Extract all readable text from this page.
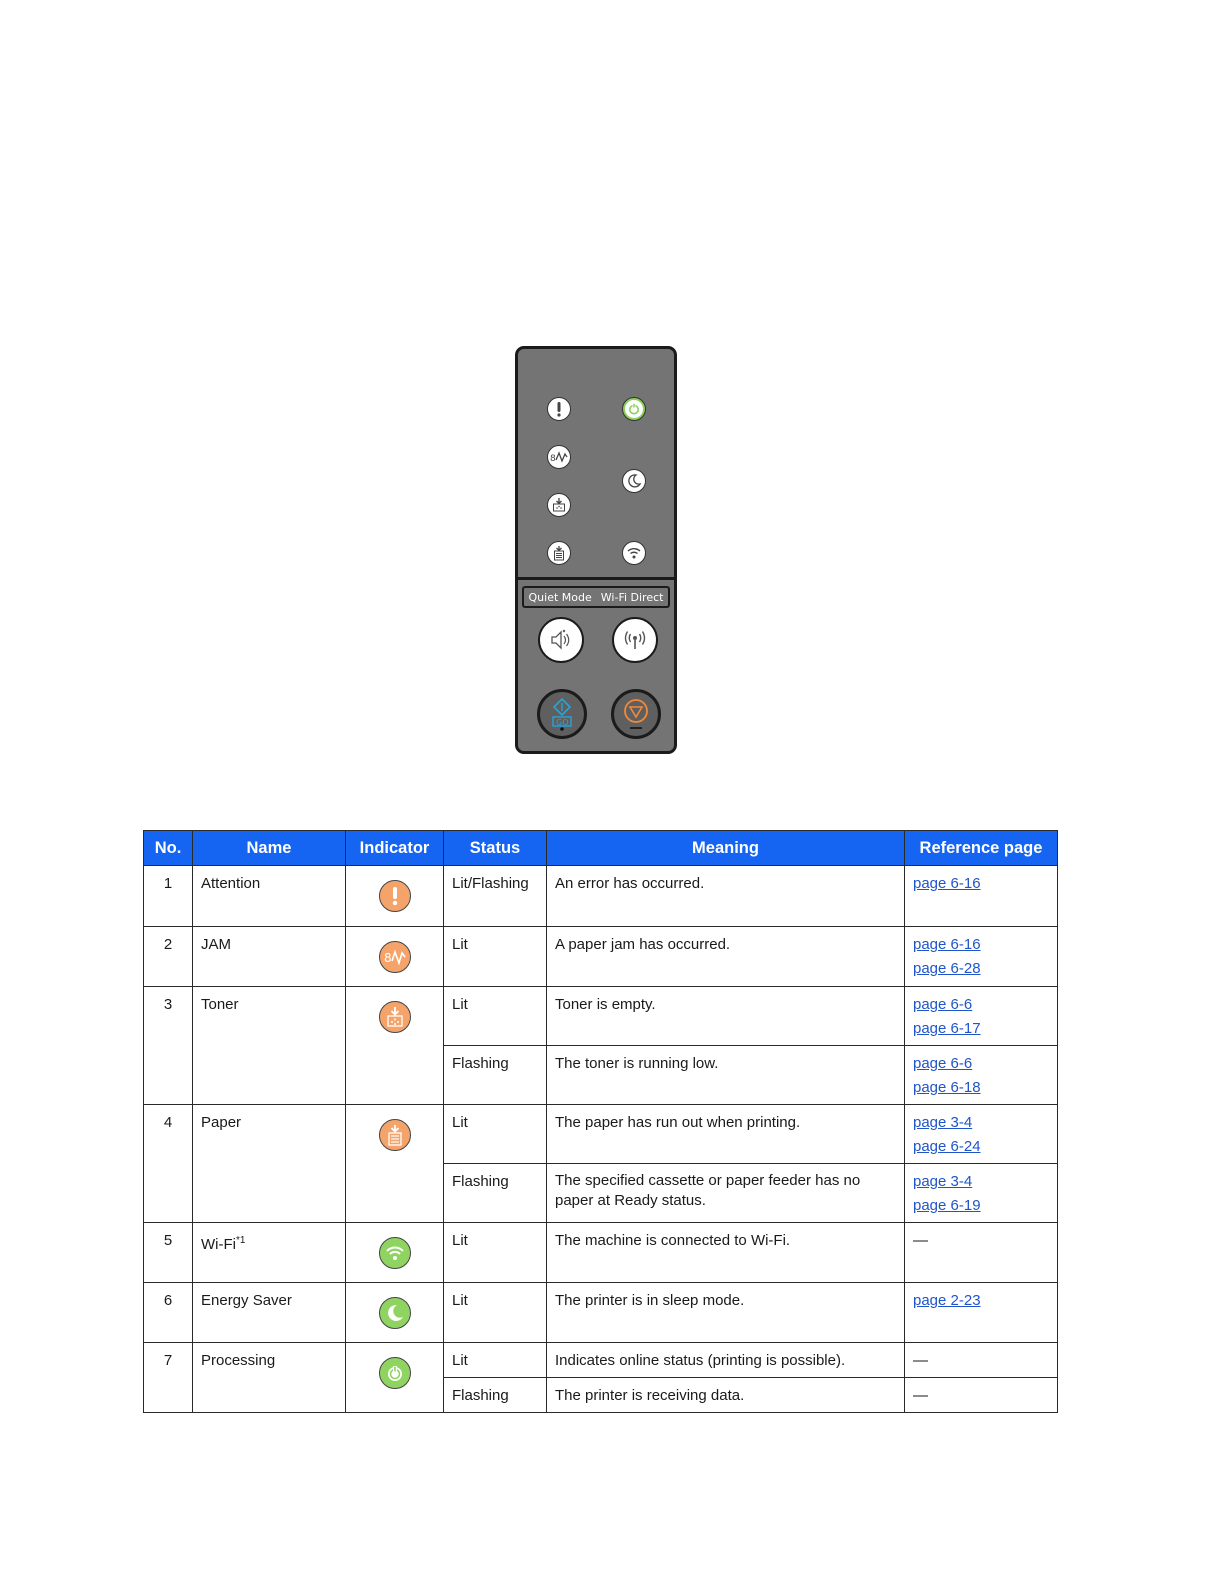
8
Quiet Mode Wi-Fi Direct
GO
No.	Name	Indicator	Status	Meaning	Reference page
1	Attention		Lit/Flashing	An error has occurred.	page 6-16

2	JAM	8	Lit	A paper jam has occurred.	page 6-16
page 6-28

3	Toner		Lit	Toner is empty.	page 6-6
page 6-17

			Flashing	The toner is running low.	page 6-6
page 6-18

4	Paper		Lit	The paper has run out when printing.	page 3-4
page 6-24

			Flashing	The specified cassette or paper feeder has no paper at Ready status.	page 3-4
page 6-19

5	Wi-Fi$^{*1}$		Lit	The machine is connected to Wi-Fi.	—
6	Energy Saver		Lit	The printer is in sleep mode.	page 2-23

7	Processing		Lit	Indicates online status (printing is possible).	—
			Flashing	The printer is receiving data.	—
